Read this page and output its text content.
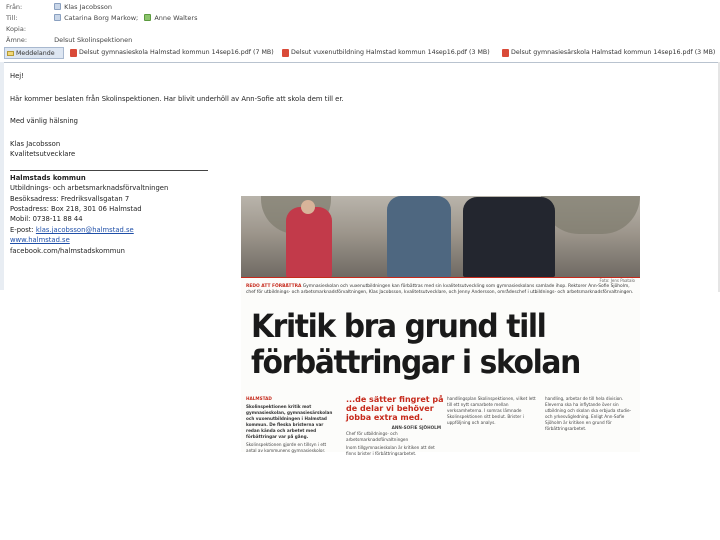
Från:	Klas Jacobsson
Till:	Catarina Borg Markow; Anne Walters
Kopia:
Ämne:	Delsut Skolinspektionen
Meddelande	Delsut gymnasieskola Halmstad kommun 14sep16.pdf (7 MB)	Delsut vuxenutbildning Halmstad kommun 14sep16.pdf (3 MB)	Delsut gymnasiesärskola Halmstad kommun 14sep16.pdf (3 MB)
Hej!
Här kommer beslaten från Skolinspektionen. Har blivit underhöll av Ann-Sofie att skola dem till er.
Med vänlig hälsning
Klas Jacobsson
Kvalitetsutvecklare
Halmstads kommun
Utbildnings- och arbetsmarknadsförvaltningen
Besöksadress: Fredriksvallsgatan 7
Postadress: Box 218, 301 06 Halmstad
Mobil: 0738-11 88 44
E-post: klas.jacobsson@halmstad.se
www.halmstad.se
facebook.com/halmstadskommun
Foto: Jens Paatalo
REDO ATT FÖRBÄTTRA Gymnasieskolan och vuxenutbildningen kan förbättras med sin kvalitetsutveckling som gymnasieskolans samlade ihop. Rektorer Ann-Sofie Sjöholm, chef för utbildnings- och arbetsmarknadsförvaltningen, Klas Jacobsson, kvalitetsutvecklare, och Jenny Andersson, områdeschef i utbildnings- och arbetsmarknadsförvaltningen.
Kritik bra grund till
förbättringar i skolan
HALMSTAD
Skolinspektionen kritik mot gymnasieskolan, gymnasiesärskolan och vuxenutbildningen i Halmstad kommun. De fleska bristerna var redan kända och arbetet med förbättringar var på gång.
Skolinspektionen gjorde en tillsyn i ett antal av kommunens gymnasieskolor.
...de sätter fingret på
de delar vi behöver
jobba extra med.
ANN-SOFIE SJÖHOLM
Chef för utbildnings- och arbetsmarknadsförvaltningen
Inom tillgymnasieskolan är kritiken att det finns brister i förbättringsarbetet.
handlingsplan Skolinspektionen, vilket lett till ett nytt samarbete mellan verksamheterna. I somras lämnade Skolinspektionen sitt beslut. Brister i uppföljning och analys.
handling, arbetar de till hela division. Eleverna ska ha inflytande över sin utbildning och skolan ska erbjuda studie- och yrkesvägledning. Enligt Ann-Sofie Sjöholm är kritiken en grund för förbättringsarbetet.
